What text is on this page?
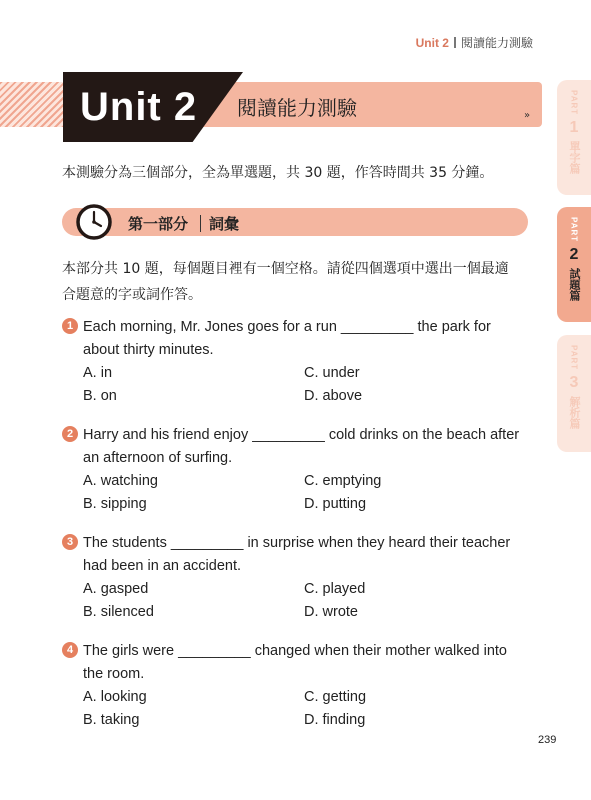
Unit 2 閱讀能力測驗
Unit 2 閱讀能力測驗	»
PART
1
單字篇
PART
2
試題篇
PART
3
解析篇
本測驗分為三個部分，全為單選題，共 30 題，作答時間共 35 分鐘。
第一部分 詞彙
本部分共 10 題，每個題目裡有一個空格。請從四個選項中選出一個最適
合題意的字或詞作答。
1 Each morning, Mr. Jones goes for a run _________ the park for
about thirty minutes.
A. in	C. under
B. on	D. above
2 Harry and his friend enjoy _________ cold drinks on the beach after
an afternoon of surfing.
A. watching	C. emptying
B. sipping	D. putting
3 The students _________ in surprise when they heard their teacher
had been in an accident.
A. gasped	C. played
B. silenced	D. wrote
4 The girls were _________ changed when their mother walked into
the room.
A. looking	C. getting
B. taking	D. finding
239
